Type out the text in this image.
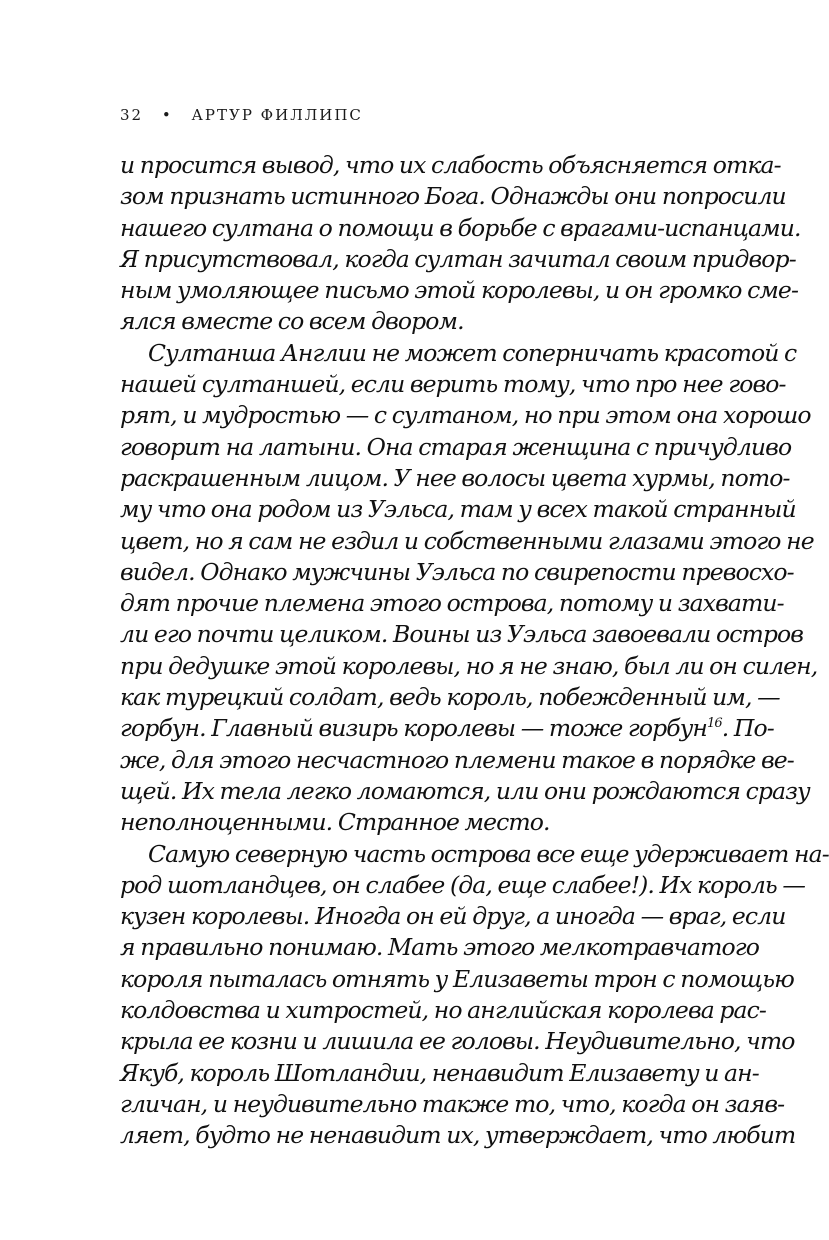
32 • АРТУР ФИЛЛИПС

и просится вывод, что их слабость объясняется отка-
зом признать истинного Бога. Однажды они попросили
нашего султана о помощи в борьбе с врагами-испанцами.
Я присутствовал, когда султан зачитал своим придвор-
ным умоляющее письмо этой королевы, и он громко сме-
ялся вместе со всем двором.

Султанша Англии не может соперничать красотой с
нашей султаншей, если верить тому, что про нее гово-
рят, и мудростью — с султаном, но при этом она хорошо
говорит на латыни. Она старая женщина с причудливо
раскрашенным лицом. У нее волосы цвета хурмы, пото-
му что она родом из Уэльса, там у всех такой странный
цвет, но я сам не ездил и собственными глазами этого не
видел. Однако мужчины Уэльса по свирепости превосхо-
дят прочие племена этого острова, потому и захвати-
ли его почти целиком. Воины из Уэльса завоевали остров
при дедушке этой королевы, но я не знаю, был ли он силен,
как турецкий солдат, ведь король, побежденный им, —
горбун. Главный визирь королевы — тоже горбун$^{16}$. По-
жe, для этого несчастного племени такое в порядке ве-
щей. Их тела легко ломаются, или они рождаются сразу
неполноценными. Странное место.

Самую северную часть острова все еще удерживает на-
род шотландцев, он слабее (да, еще слабее!). Их король —
кузен королевы. Иногда он ей друг, а иногда — враг, если
я правильно понимаю. Мать этого мелкотравчатого
короля пыталась отнять у Елизаветы трон с помощью
колдовства и хитростей, но английская королева рас-
крыла ее козни и лишила ее головы. Неудивительно, что
Якуб, король Шотландии, ненавидит Елизавету и ан-
гличан, и неудивительно также то, что, когда он заяв-
ляет, будто не ненавидит их, утверждает, что любит
